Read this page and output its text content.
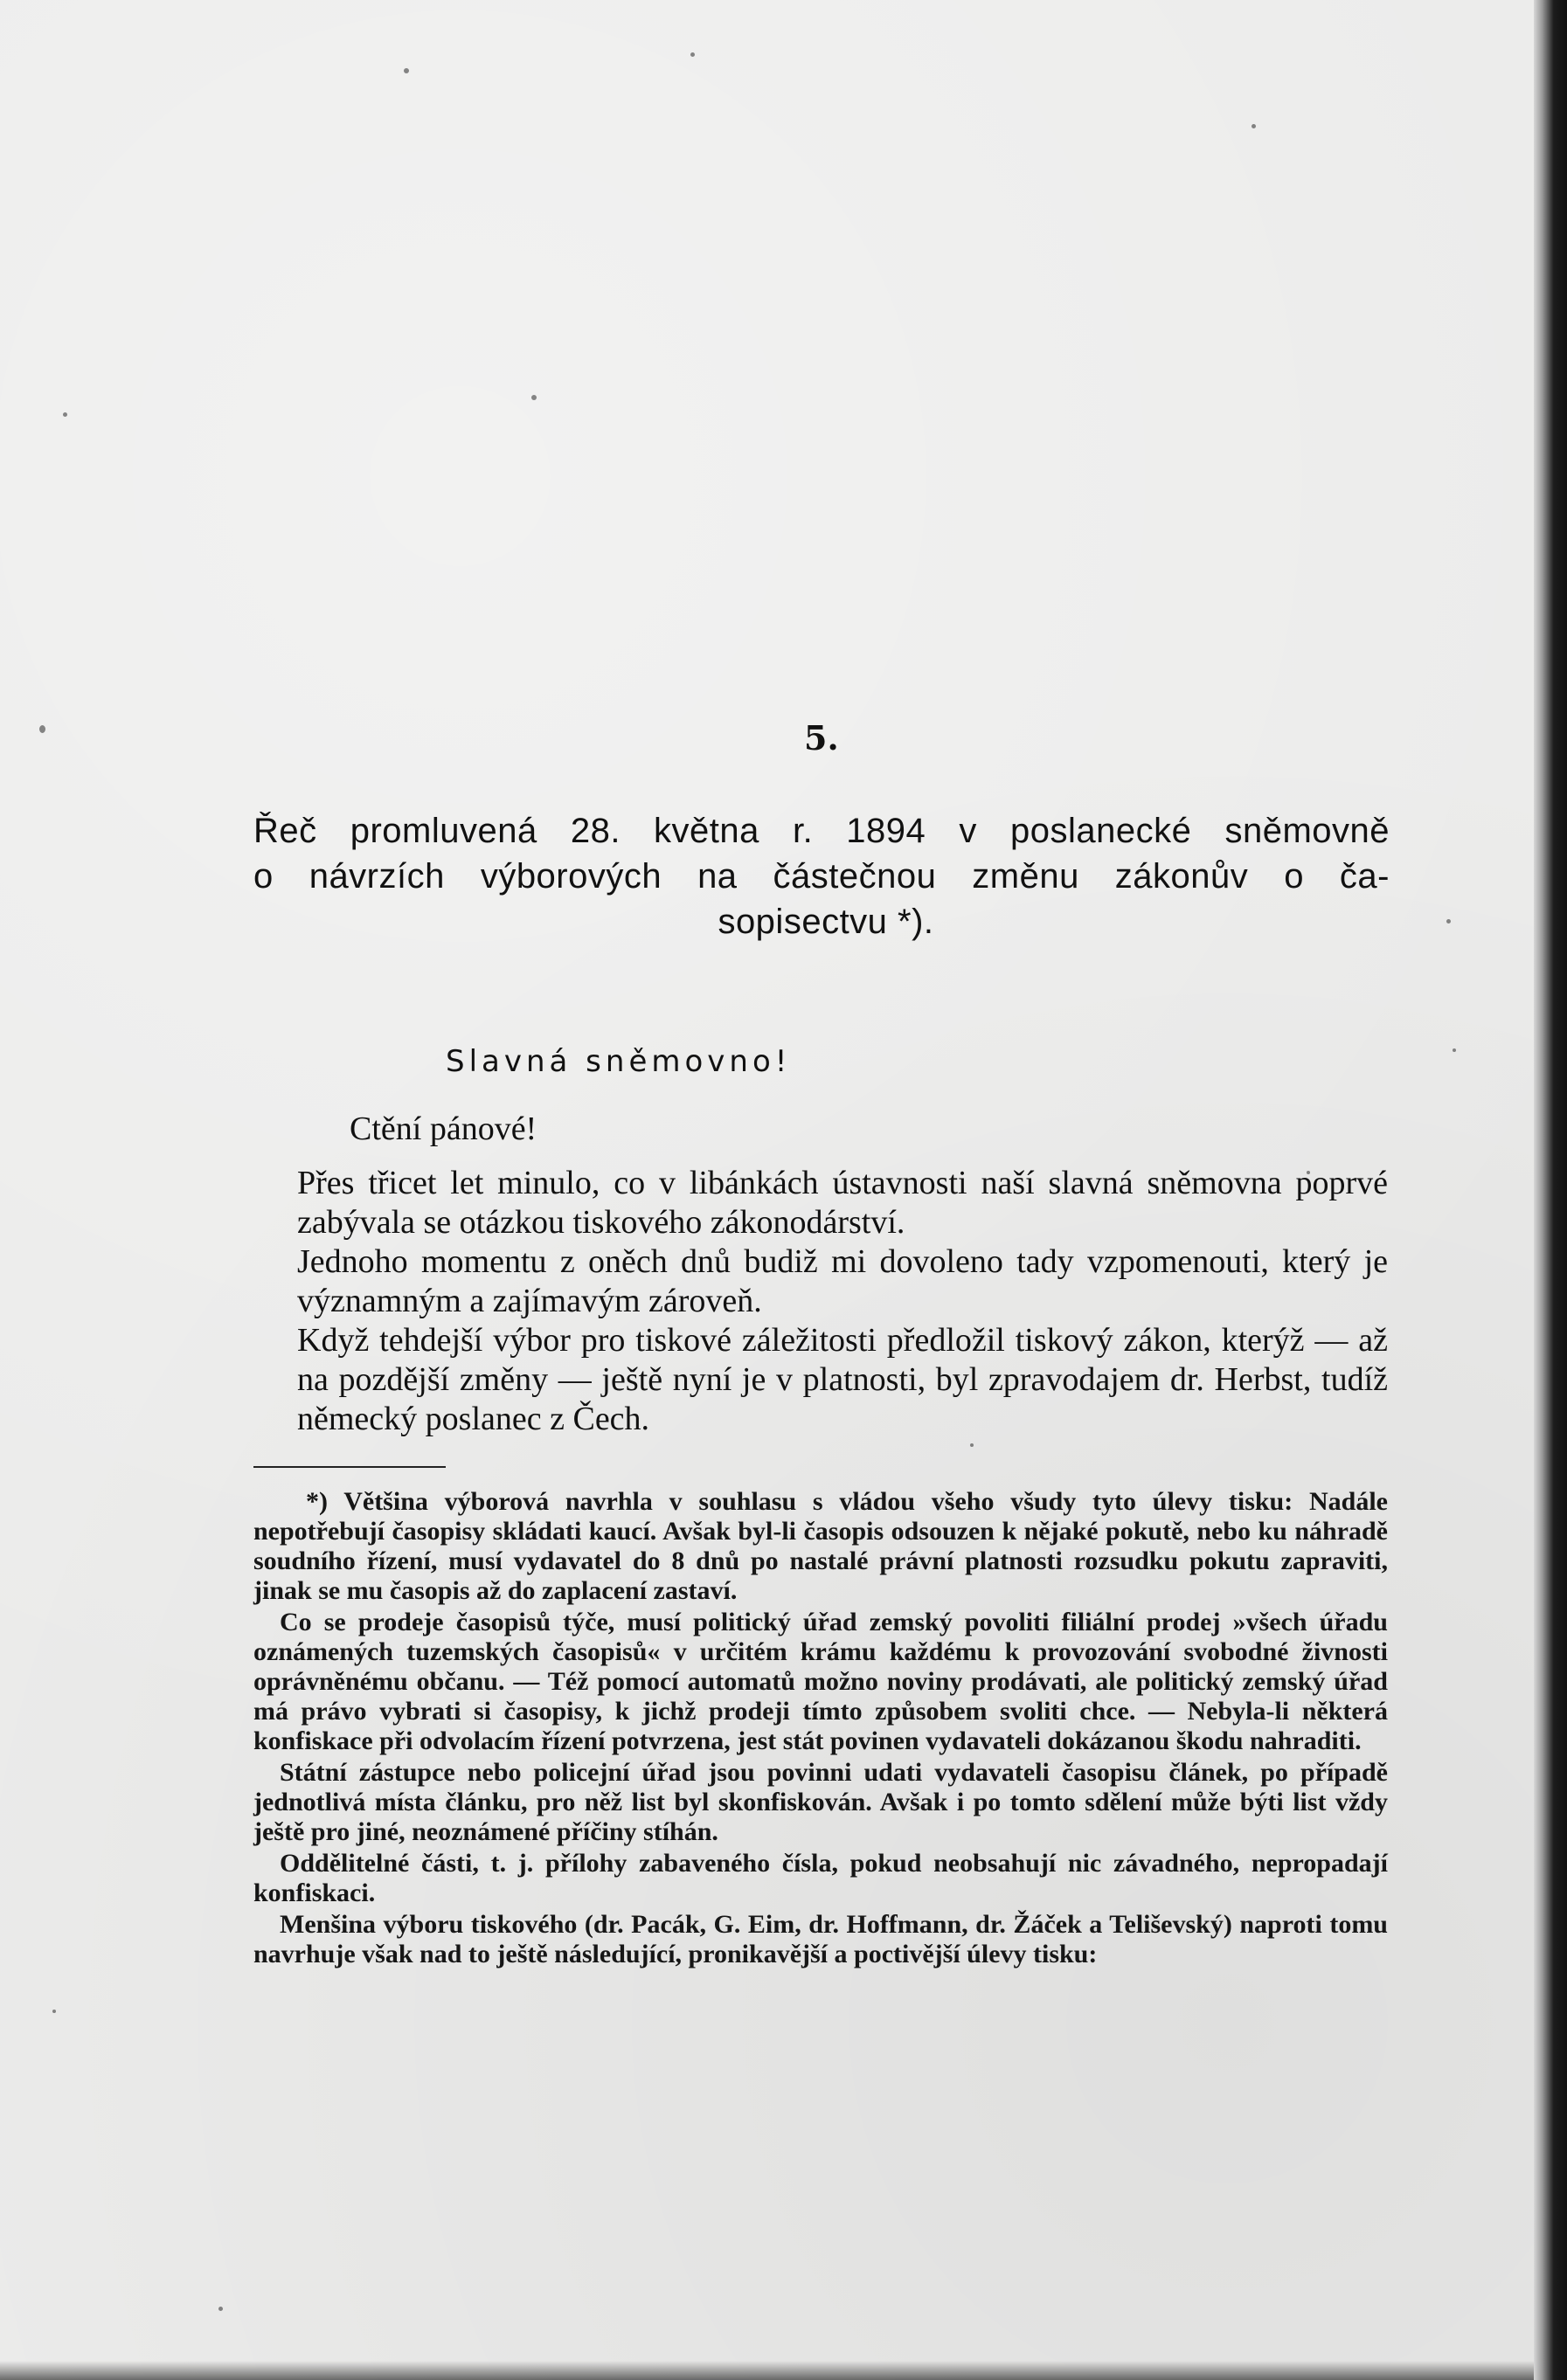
5.
Řeč promluvená 28. května r. 1894 v poslanecké sněmovně
o návrzích výborových na částečnou změnu zákonův o ča-
sopisectvu *).
Slavná sněmovno!
Ctění pánové!

Přes třicet let minulo, co v libánkách ústavnosti naší slavná sněmovna poprvé zabývala se otázkou tiskového zákonodárství.

Jednoho momentu z oněch dnů budiž mi dovoleno tady vzpomenouti, který je významným a zajímavým zároveň.

Když tehdejší výbor pro tiskové záležitosti předložil tiskový zákon, kterýž — až na pozdější změny — ještě nyní je v platnosti, byl zpravodajem dr. Herbst, tudíž německý poslanec z Čech.

*) Většina výborová navrhla v souhlasu s vládou všeho všudy tyto úlevy tisku: Nadále nepotřebují časopisy skládati kaucí. Avšak byl-li časopis odsouzen k nějaké pokutě, nebo ku náhradě soudního řízení, musí vydavatel do 8 dnů po nastalé právní platnosti rozsudku pokutu zapraviti, jinak se mu časopis až do zaplacení zastaví.

Co se prodeje časopisů týče, musí politický úřad zemský povoliti filiální prodej »všech úřadu oznámených tuzemských časopisů« v určitém krámu každému k provozování svobodné živnosti oprávněnému občanu. — Též pomocí automatů možno noviny prodávati, ale politický zemský úřad má právo vybrati si časopisy, k jichž prodeji tímto způsobem svoliti chce. — Nebyla-li některá konfiskace při odvolacím řízení potvrzena, jest stát povinen vydavateli dokázanou škodu nahraditi.

Státní zástupce nebo policejní úřad jsou povinni udati vydavateli časopisu článek, po případě jednotlivá místa článku, pro něž list byl skonfiskován. Avšak i po tomto sdělení může býti list vždy ještě pro jiné, neoznámené příčiny stíhán.

Oddělitelné části, t. j. přílohy zabaveného čísla, pokud neobsahují nic závadného, nepropadají konfiskaci.

Menšina výboru tiskového (dr. Pacák, G. Eim, dr. Hoffmann, dr. Žáček a Teliševský) naproti tomu navrhuje však nad to ještě následující, pronikavější a poctivější úlevy tisku:
